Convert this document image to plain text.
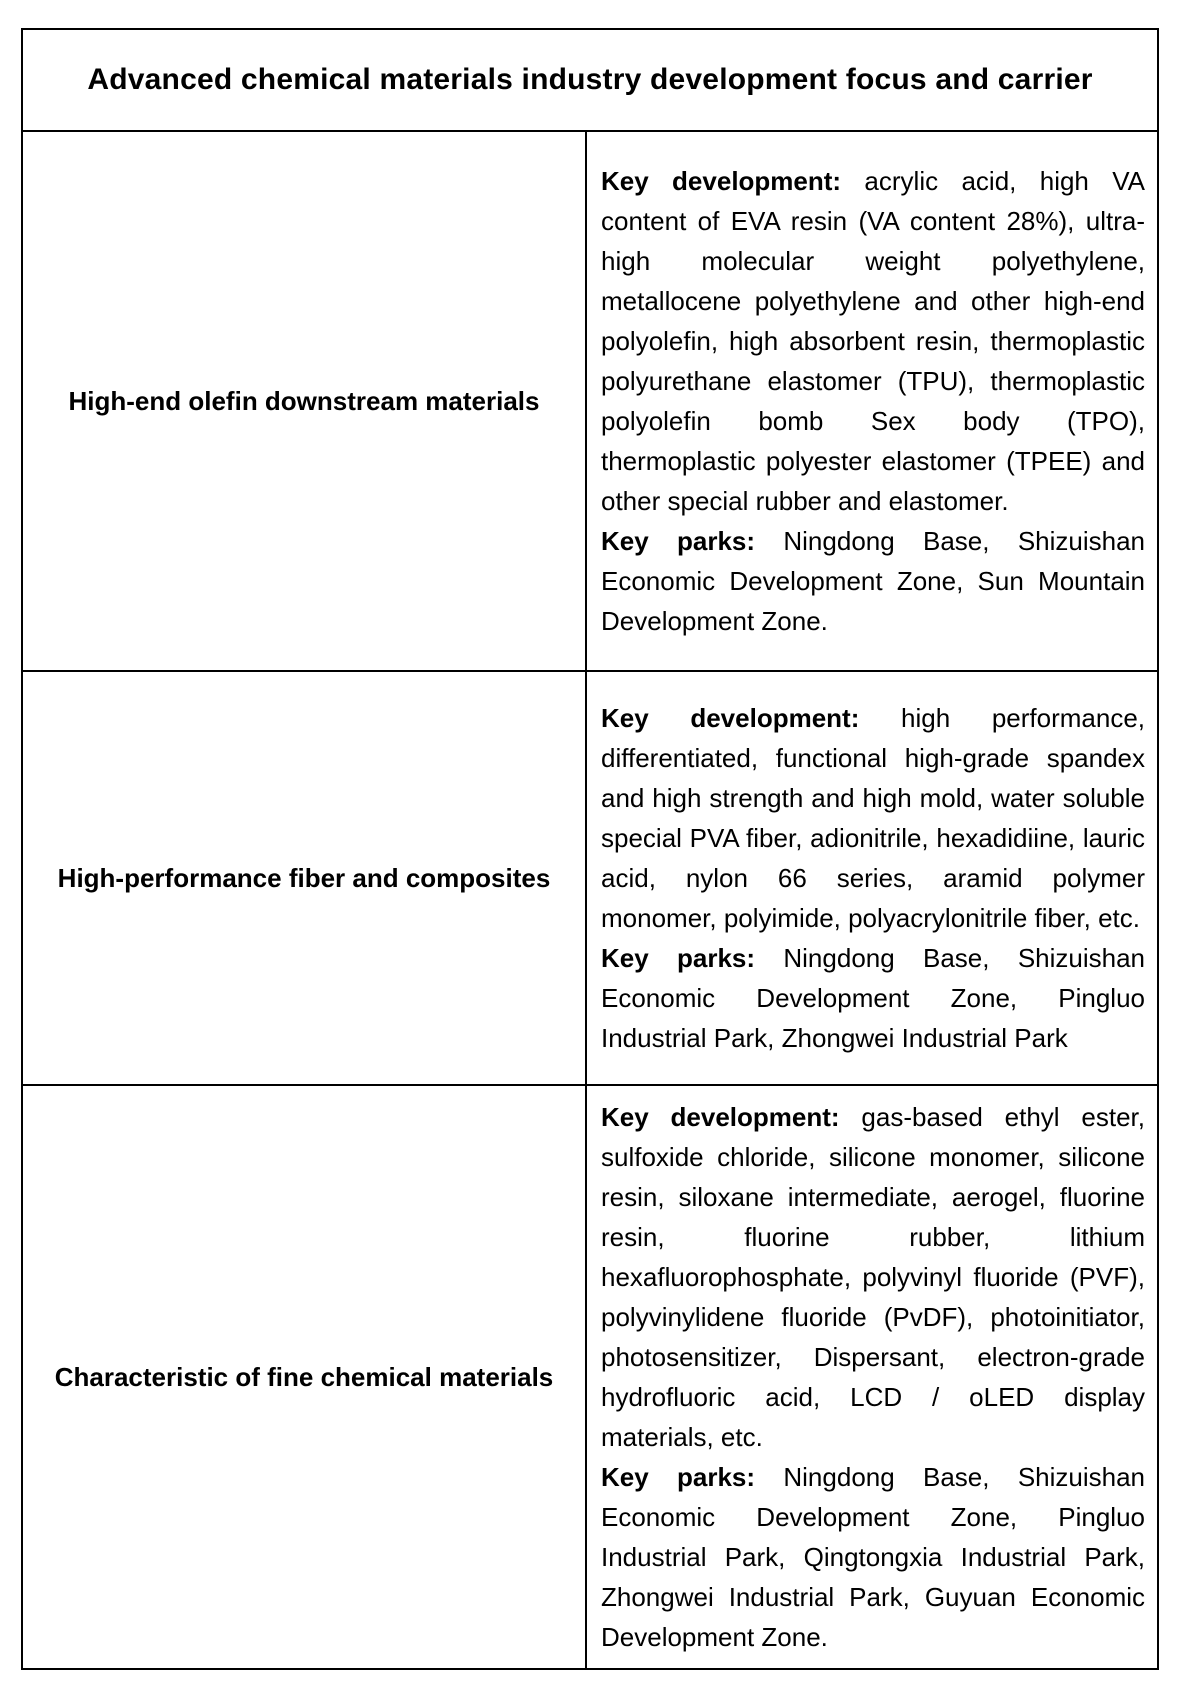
Advanced chemical materials industry development focus and carrier	
High-end olefin downstream materials	Key development: acrylic acid, high VA content of EVA resin (VA content 28%), ultra-high molecular weight polyethylene, metallocene polyethylene and other high-end polyolefin, high absorbent resin, thermoplastic polyurethane elastomer (TPU), thermoplastic polyolefin bomb Sex body (TPO), thermoplastic polyester elastomer (TPEE) and other special rubber and elastomer.

Key parks: Ningdong Base, Shizuishan Economic Development Zone, Sun Mountain Development Zone.

High-performance fiber and composites	Key development: high performance, differentiated, functional high-grade spandex and high strength and high mold, water soluble special PVA fiber, adionitrile, hexadidiine, lauric acid, nylon 66 series, aramid polymer monomer, polyimide, polyacrylonitrile fiber, etc.

Key parks: Ningdong Base, Shizuishan Economic Development Zone, Pingluo Industrial Park, Zhongwei Industrial Park

Characteristic of fine chemical materials	Key development: gas-based ethyl ester, sulfoxide chloride, silicone monomer, silicone resin, siloxane intermediate, aerogel, fluorine resin, fluorine rubber, lithium hexafluorophosphate, polyvinyl fluoride (PVF), polyvinylidene fluoride (PvDF), photoinitiator, photosensitizer, Dispersant, electron-grade hydrofluoric acid, LCD / oLED display materials, etc.

Key parks: Ningdong Base, Shizuishan Economic Development Zone, Pingluo Industrial Park, Qingtongxia Industrial Park, Zhongwei Industrial Park, Guyuan Economic Development Zone.
